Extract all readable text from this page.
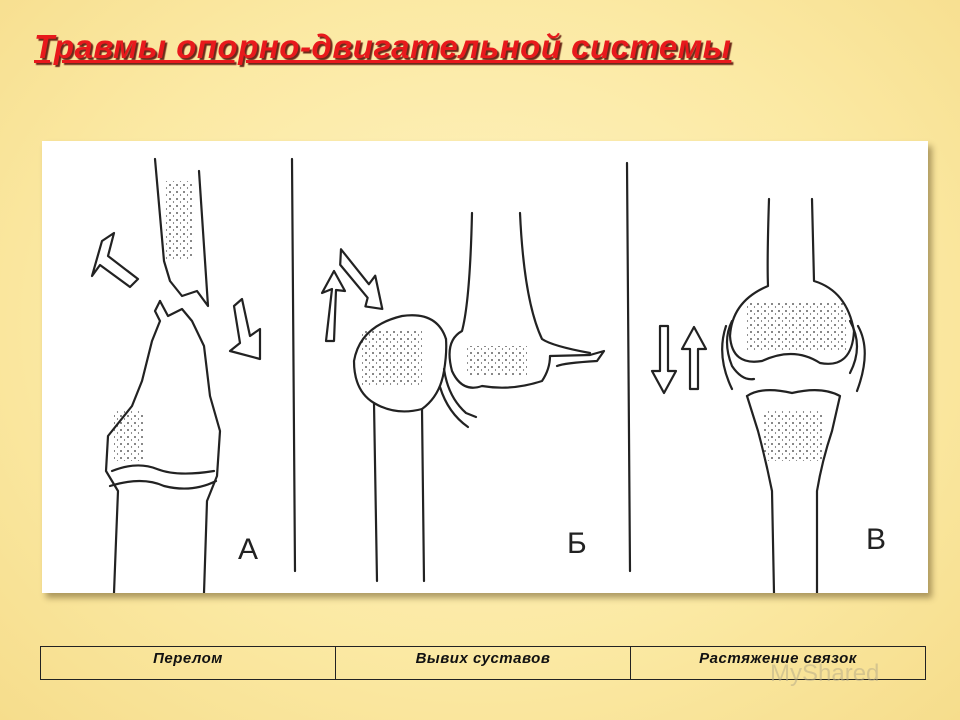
Травмы опорно-двигательной системы
А	Б	В
Перелом	Вывих суставов	Растяжение связок
MyShared
